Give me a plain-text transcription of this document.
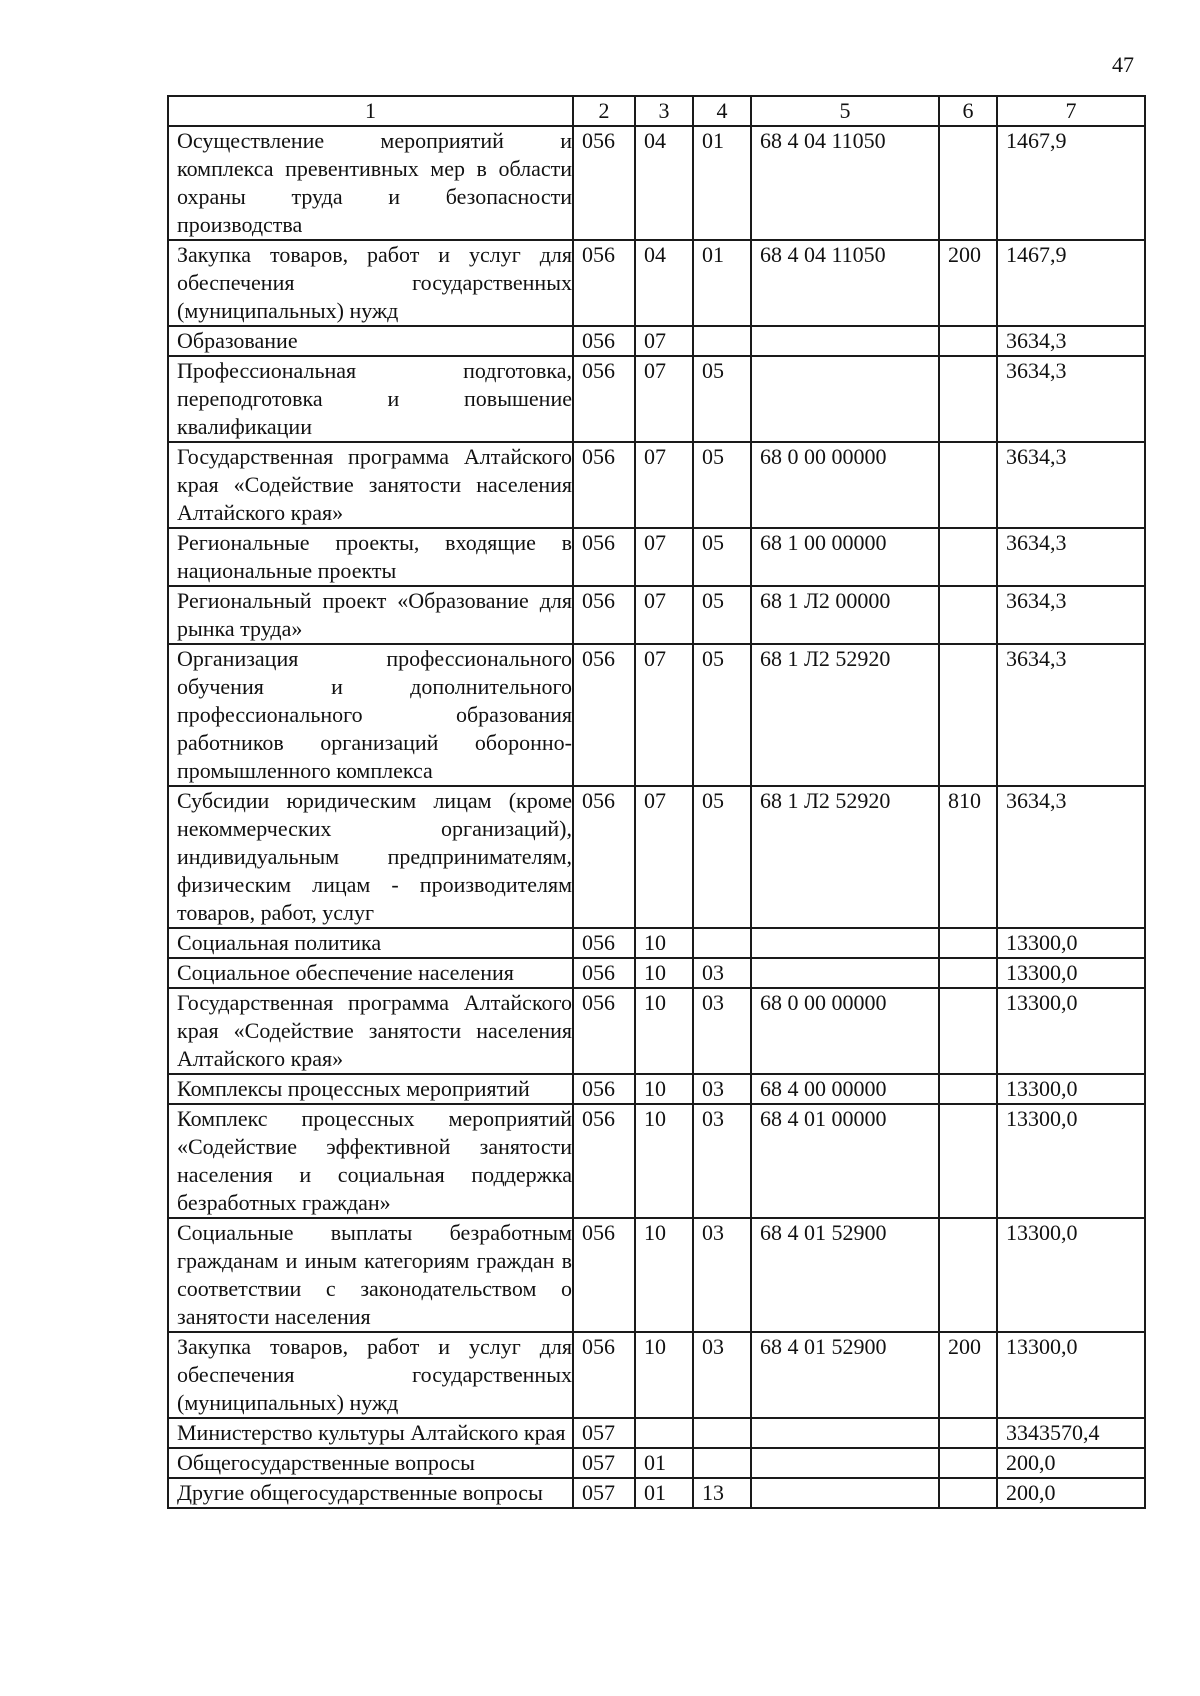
47
1	2	3	4	5	6	7
Осуществление мероприятий и комплекса превентивных мер в области охраны труда и безопасности производства	056	04	01	68 4 04 11050		1467,9
Закупка товаров, работ и услуг для обеспечения государственных (муниципальных) нужд	056	04	01	68 4 04 11050	200	1467,9
Образование	056	07				3634,3
Профессиональная подготовка, переподготовка и повышение квалификации	056	07	05			3634,3
Государственная программа Алтайского края «Содействие занятости населения Алтайского края»	056	07	05	68 0 00 00000		3634,3
Региональные проекты, входящие в национальные проекты	056	07	05	68 1 00 00000		3634,3
Региональный проект «Образование для рынка труда»	056	07	05	68 1 Л2 00000		3634,3
Организация профессионального обучения и дополнительного профессионального образования работников организаций оборонно-промышленного комплекса	056	07	05	68 1 Л2 52920		3634,3
Субсидии юридическим лицам (кроме некоммерческих организаций), индивидуальным предпринимателям, физическим лицам - производителям товаров, работ, услуг	056	07	05	68 1 Л2 52920	810	3634,3
Социальная политика	056	10				13300,0
Социальное обеспечение населения	056	10	03			13300,0
Государственная программа Алтайского края «Содействие занятости населения Алтайского края»	056	10	03	68 0 00 00000		13300,0
Комплексы процессных мероприятий	056	10	03	68 4 00 00000		13300,0
Комплекс процессных мероприятий «Содействие эффективной занятости населения и социальная поддержка безработных граждан»	056	10	03	68 4 01 00000		13300,0
Социальные выплаты безработным гражданам и иным категориям граждан в соответствии с законодательством о занятости населения	056	10	03	68 4 01 52900		13300,0
Закупка товаров, работ и услуг для обеспечения государственных (муниципальных) нужд	056	10	03	68 4 01 52900	200	13300,0
Министерство культуры Алтайского края	057					3343570,4
Общегосударственные вопросы	057	01				200,0
Другие общегосударственные вопросы	057	01	13			200,0
